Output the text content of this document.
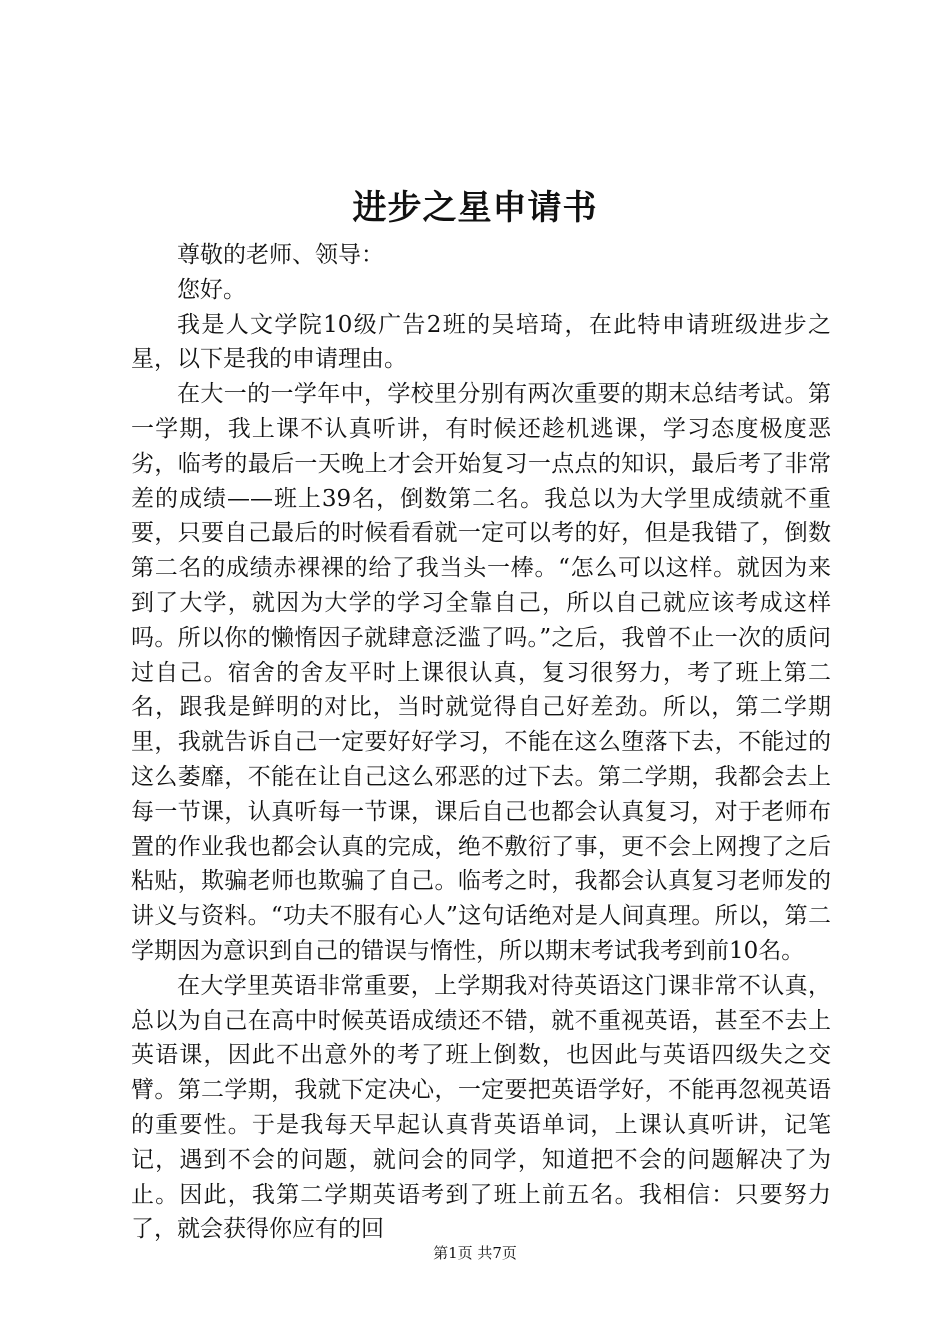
进步之星申请书

尊敬的老师、领导：

您好。

我是人文学院10级广告2班的吴培琦，在此特申请班级进步之星，以下是我的申请理由。

在大一的一学年中，学校里分别有两次重要的期末总结考试。第一学期，我上课不认真听讲，有时候还趁机逃课，学习态度极度恶劣，临考的最后一天晚上才会开始复习一点点的知识，最后考了非常差的成绩——班上39名，倒数第二名。我总以为大学里成绩就不重要，只要自己最后的时候看看就一定可以考的好，但是我错了，倒数第二名的成绩赤裸裸的给了我当头一棒。“怎么可以这样。就因为来到了大学，就因为大学的学习全靠自己，所以自己就应该考成这样吗。所以你的懒惰因子就肆意泛滥了吗。”之后，我曾不止一次的质问过自己。宿舍的舍友平时上课很认真，复习很努力，考了班上第二名，跟我是鲜明的对比，当时就觉得自己好差劲。所以，第二学期里，我就告诉自己一定要好好学习，不能在这么堕落下去，不能过的这么萎靡，不能在让自己这么邪恶的过下去。第二学期，我都会去上每一节课，认真听每一节课，课后自己也都会认真复习，对于老师布置的作业我也都会认真的完成，绝不敷衍了事，更不会上网搜了之后粘贴，欺骗老师也欺骗了自己。临考之时，我都会认真复习老师发的讲义与资料。“功夫不服有心人”这句话绝对是人间真理。所以，第二学期因为意识到自己的错误与惰性，所以期末考试我考到前10名。

在大学里英语非常重要，上学期我对待英语这门课非常不认真，总以为自己在高中时候英语成绩还不错，就不重视英语，甚至不去上英语课，因此不出意外的考了班上倒数，也因此与英语四级失之交臂。第二学期，我就下定决心，一定要把英语学好，不能再忽视英语的重要性。于是我每天早起认真背英语单词，上课认真听讲，记笔记，遇到不会的问题，就问会的同学，知道把不会的问题解决了为止。因此，我第二学期英语考到了班上前五名。我相信：只要努力了，就会获得你应有的回

第1页 共7页
